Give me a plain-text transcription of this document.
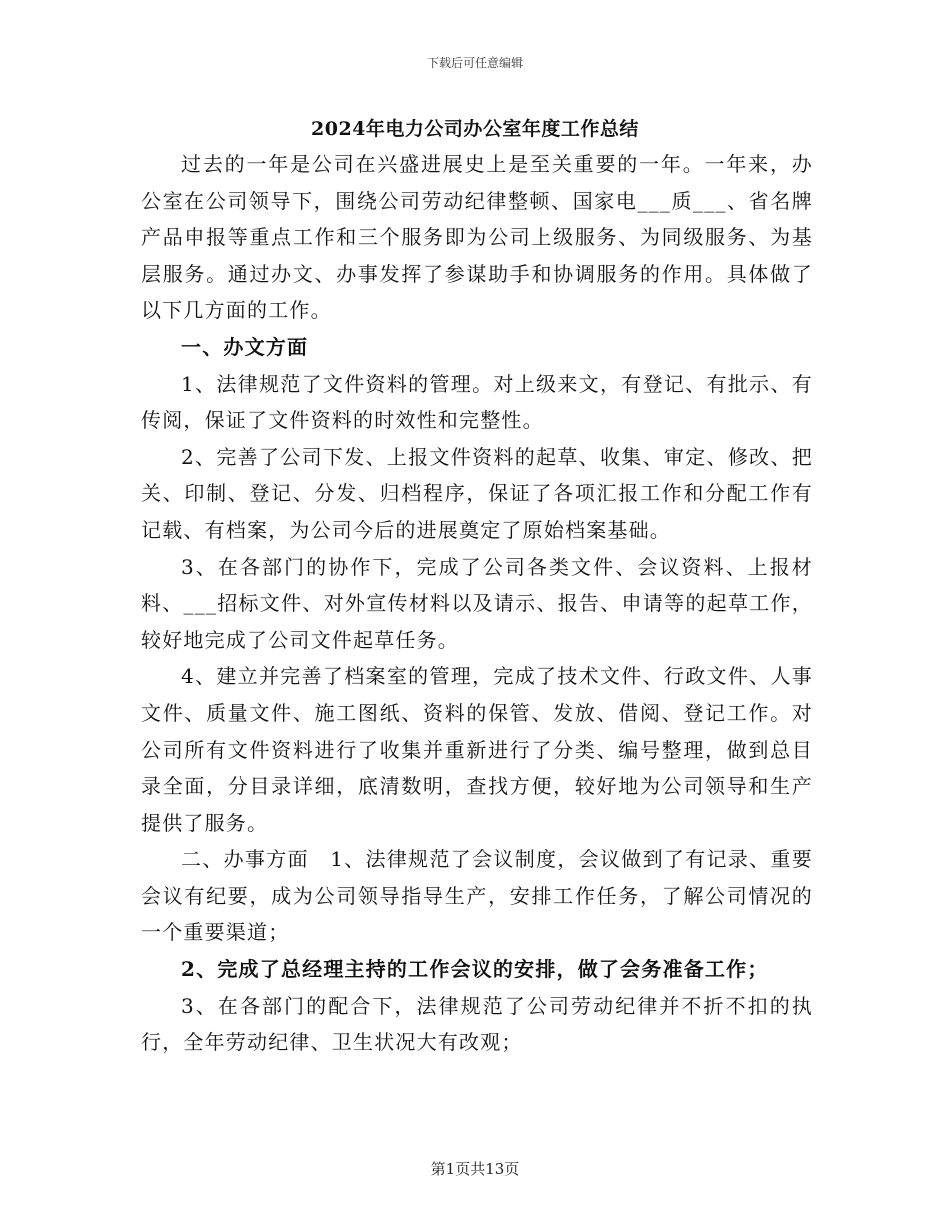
下载后可任意编辑
2024年电力公司办公室年度工作总结

过去的一年是公司在兴盛进展史上是至关重要的一年。一年来，办公室在公司领导下，围绕公司劳动纪律整顿、国家电___质___、省名牌产品申报等重点工作和三个服务即为公司上级服务、为同级服务、为基层服务。通过办文、办事发挥了参谋助手和协调服务的作用。具体做了以下几方面的工作。

一、办文方面

1、法律规范了文件资料的管理。对上级来文，有登记、有批示、有传阅，保证了文件资料的时效性和完整性。

2、完善了公司下发、上报文件资料的起草、收集、审定、修改、把关、印制、登记、分发、归档程序，保证了各项汇报工作和分配工作有记载、有档案，为公司今后的进展奠定了原始档案基础。

3、在各部门的协作下，完成了公司各类文件、会议资料、上报材料、___招标文件、对外宣传材料以及请示、报告、申请等的起草工作，较好地完成了公司文件起草任务。

4、建立并完善了档案室的管理，完成了技术文件、行政文件、人事文件、质量文件、施工图纸、资料的保管、发放、借阅、登记工作。对公司所有文件资料进行了收集并重新进行了分类、编号整理，做到总目录全面，分目录详细，底清数明，查找方便，较好地为公司领导和生产提供了服务。

二、办事方面　1、法律规范了会议制度，会议做到了有记录、重要会议有纪要，成为公司领导指导生产，安排工作任务，了解公司情况的一个重要渠道；

2、完成了总经理主持的工作会议的安排，做了会务准备工作；

3、在各部门的配合下，法律规范了公司劳动纪律并不折不扣的执行，全年劳动纪律、卫生状况大有改观；

第1页共13页
